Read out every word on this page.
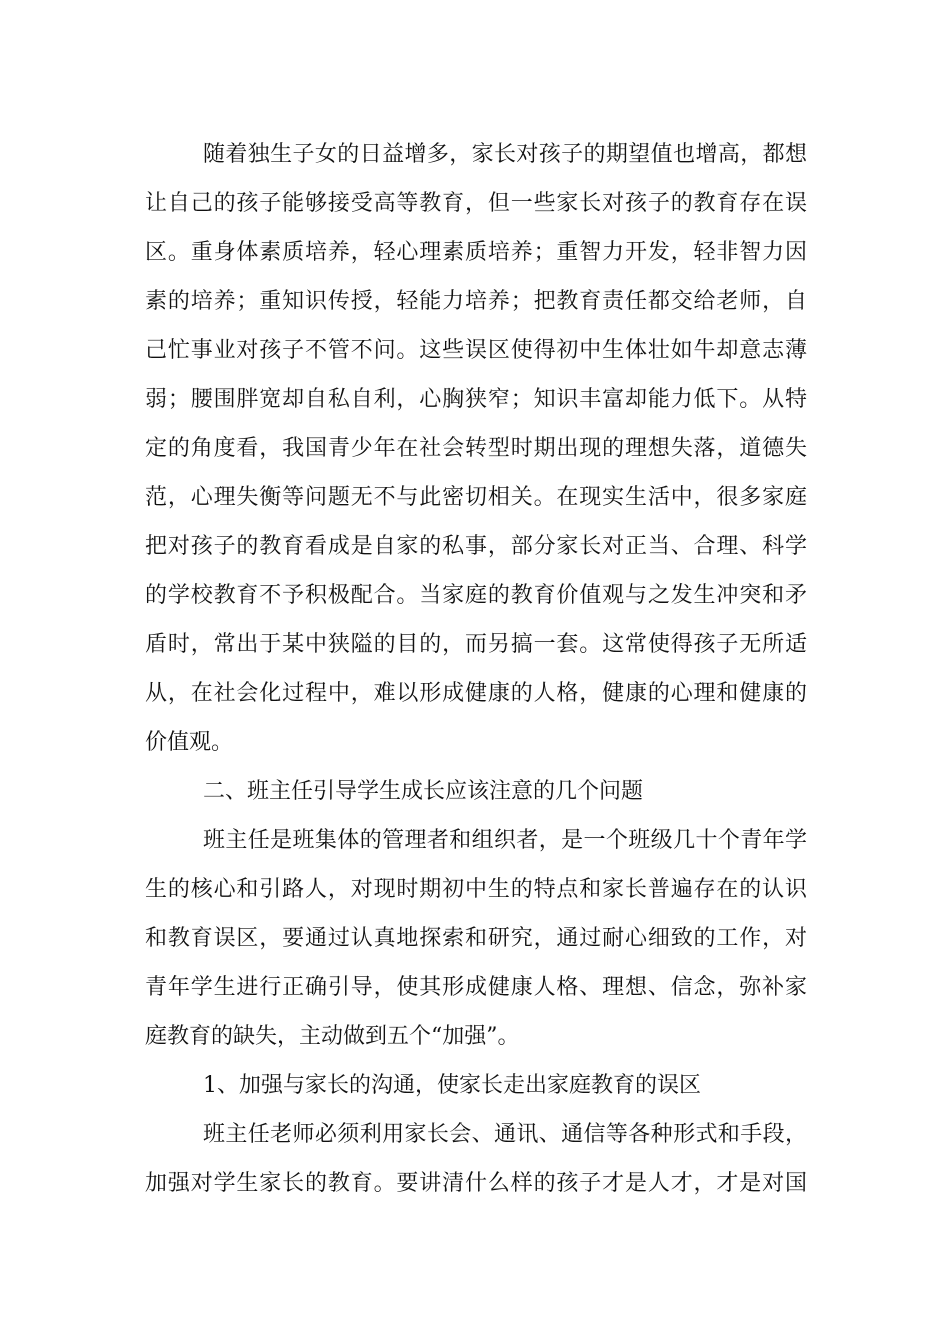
随着独生子女的日益增多，家长对孩子的期望值也增高，都想
让自己的孩子能够接受高等教育，但一些家长对孩子的教育存在误
区。重身体素质培养，轻心理素质培养；重智力开发，轻非智力因
素的培养；重知识传授，轻能力培养；把教育责任都交给老师，自
己忙事业对孩子不管不问。这些误区使得初中生体壮如牛却意志薄
弱；腰围胖宽却自私自利，心胸狭窄；知识丰富却能力低下。从特
定的角度看，我国青少年在社会转型时期出现的理想失落，道德失
范，心理失衡等问题无不与此密切相关。在现实生活中，很多家庭
把对孩子的教育看成是自家的私事，部分家长对正当、合理、科学
的学校教育不予积极配合。当家庭的教育价值观与之发生冲突和矛
盾时，常出于某中狭隘的目的，而另搞一套。这常使得孩子无所适
从，在社会化过程中，难以形成健康的人格，健康的心理和健康的
价值观。
二、班主任引导学生成长应该注意的几个问题
班主任是班集体的管理者和组织者，是一个班级几十个青年学
生的核心和引路人，对现时期初中生的特点和家长普遍存在的认识
和教育误区，要通过认真地探索和研究，通过耐心细致的工作，对
青年学生进行正确引导，使其形成健康人格、理想、信念，弥补家
庭教育的缺失，主动做到五个“加强”。
1、加强与家长的沟通，使家长走出家庭教育的误区
班主任老师必须利用家长会、通讯、通信等各种形式和手段，
加强对学生家长的教育。要讲清什么样的孩子才是人才，才是对国
